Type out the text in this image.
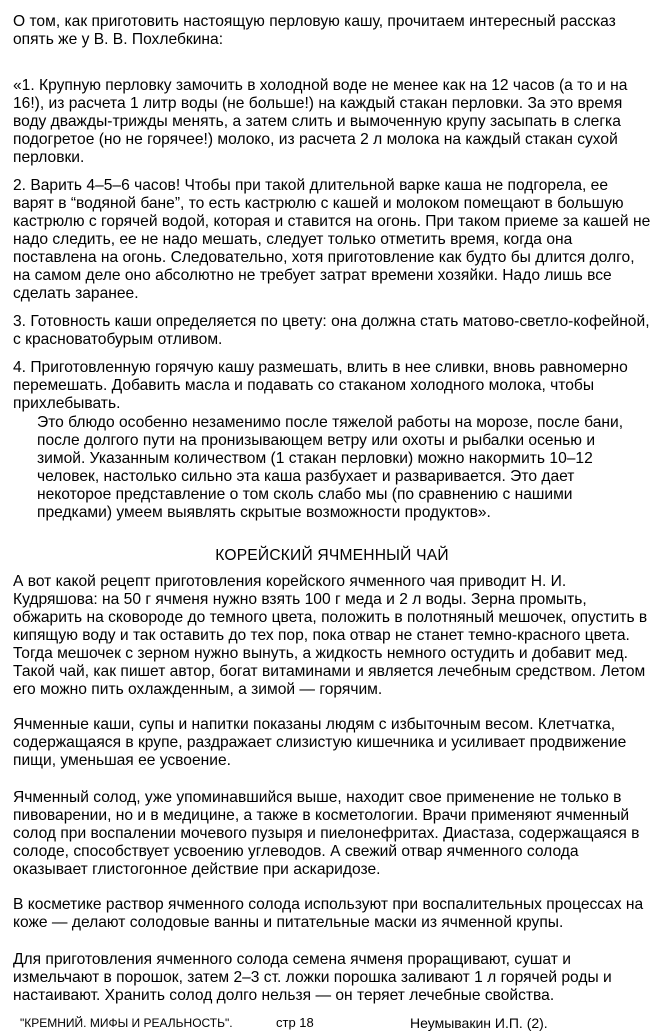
О том, как приготовить настоящую перловую кашу, прочитаем интересный рассказ опять же у В. В. Похлебкина:

«1. Крупную перловку замочить в холодной воде не менее как на 12 часов (а то и на 16!), из расчета 1 литр воды (не больше!) на каждый стакан перловки. За это время воду дважды-трижды менять, а затем слить и вымоченную крупу засыпать в слегка подогретое (но не горячее!) молоко, из расчета 2 л молока на каждый стакан сухой перловки.

2. Варить 4–5–6 часов! Чтобы при такой длительной варке каша не подгорела, ее варят в “водяной бане”, то есть кастрюлю с кашей и молоком помещают в большую кастрюлю с горячей водой, которая и ставится на огонь. При таком приеме за кашей не надо следить, ее не надо мешать, следует только отметить время, когда она поставлена на огонь. Следовательно, хотя приготовление как будто бы длится долго, на самом деле оно абсолютно не требует затрат времени хозяйки. Надо лишь все сделать заранее.

3. Готовность каши определяется по цвету: она должна стать матово-светло-кофейной, с красноватобурым отливом.

4. Приготовленную горячую кашу размешать, влить в нее сливки, вновь равномерно перемешать. Добавить масла и подавать со стаканом холодного молока, чтобы прихлебывать.

Это блюдо особенно незаменимо после тяжелой работы на морозе, после бани, после долгого пути на пронизывающем ветру или охоты и рыбалки осенью и зимой. Указанным количеством (1 стакан перловки) можно накормить 10–12 человек, настолько сильно эта каша разбухает и разваривается. Это дает некоторое представление о том сколь слабо мы (по сравнению с нашими предками) умеем выявлять скрытые возможности продуктов».
КОРЕЙСКИЙ ЯЧМЕННЫЙ ЧАЙ

А вот какой рецепт приготовления корейского ячменного чая приводит Н. И. Кудряшова: на 50 г ячменя нужно взять 100 г меда и 2 л воды. Зерна промыть, обжарить на сковороде до темного цвета, положить в полотняный мешочек, опустить в кипящую воду и так оставить до тех пор, пока отвар не станет темно-красного цвета. Тогда мешочек с зерном нужно вынуть, а жидкость немного остудить и добавит мед. Такой чай, как пишет автор, богат витаминами и является лечебным средством. Летом его можно пить охлажденным, а зимой — горячим.

Ячменные каши, супы и напитки показаны людям с избыточным весом. Клетчатка, содержащаяся в крупе, раздражает слизистую кишечника и усиливает продвижение пищи, уменьшая ее усвоение.

Ячменный солод, уже упоминавшийся выше, находит свое применение не только в пивоварении, но и в медицине, а также в косметологии. Врачи применяют ячменный солод при воспалении мочевого пузыря и пиелонефритах. Диастаза, содержащаяся в солоде, способствует усвоению углеводов. А свежий отвар ячменного солода оказывает глистогонное действие при аскаридозе.

В косметике раствор ячменного солода используют при воспалительных процессах на коже — делают солодовые ванны и питательные маски из ячменной крупы.

Для приготовления ячменного солода семена ячменя проращивают, сушат и измельчают в порошок, затем 2–3 ст. ложки порошка заливают 1 л горячей роды и настаивают. Хранить солод долго нельзя — он теряет лечебные свойства.

"КРЕМНИЙ. МИФЫ И РЕАЛЬНОСТЬ".	стр 18	Неумывакин И.П. (2).
